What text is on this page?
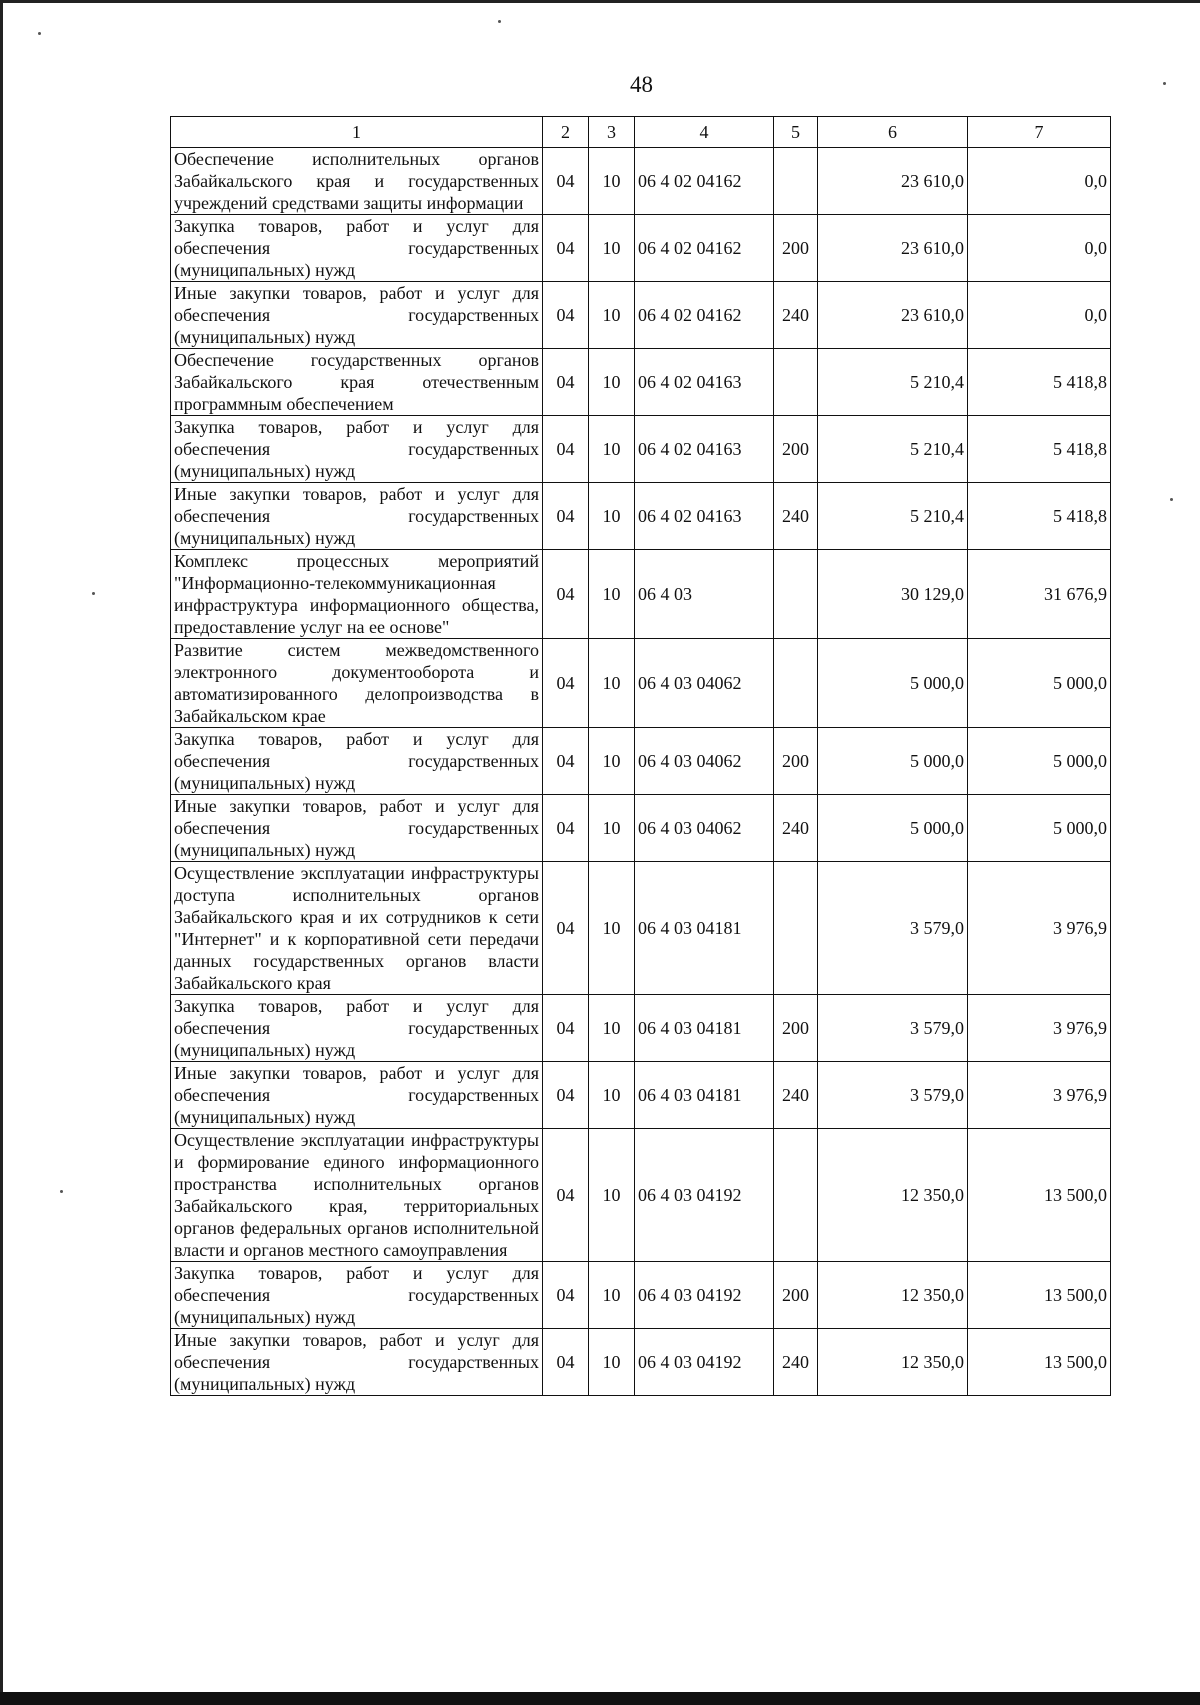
48
1	2	3	4	5	6	7
Обеспечение исполнительных органов Забайкальского края и государственных учреждений средствами защиты информации	04	10	06 4 02 04162		23 610,0	0,0
Закупка товаров, работ и услуг для обеспечения государственных (муниципальных) нужд	04	10	06 4 02 04162	200	23 610,0	0,0
Иные закупки товаров, работ и услуг для обеспечения государственных (муниципальных) нужд	04	10	06 4 02 04162	240	23 610,0	0,0
Обеспечение государственных органов Забайкальского края отечественным программным обеспечением	04	10	06 4 02 04163		5 210,4	5 418,8
Закупка товаров, работ и услуг для обеспечения государственных (муниципальных) нужд	04	10	06 4 02 04163	200	5 210,4	5 418,8
Иные закупки товаров, работ и услуг для обеспечения государственных (муниципальных) нужд	04	10	06 4 02 04163	240	5 210,4	5 418,8
Комплекс процессных мероприятий "Информационно-телекоммуникационная инфраструктура информационного общества, предоставление услуг на ее основе"	04	10	06 4 03		30 129,0	31 676,9
Развитие систем межведомственного электронного документооборота и автоматизированного делопроизводства в Забайкальском крае	04	10	06 4 03 04062		5 000,0	5 000,0
Закупка товаров, работ и услуг для обеспечения государственных (муниципальных) нужд	04	10	06 4 03 04062	200	5 000,0	5 000,0
Иные закупки товаров, работ и услуг для обеспечения государственных (муниципальных) нужд	04	10	06 4 03 04062	240	5 000,0	5 000,0
Осуществление эксплуатации инфраструктуры доступа исполнительных органов Забайкальского края и их сотрудников к сети "Интернет" и к корпоративной сети передачи данных государственных органов власти Забайкальского края	04	10	06 4 03 04181		3 579,0	3 976,9
Закупка товаров, работ и услуг для обеспечения государственных (муниципальных) нужд	04	10	06 4 03 04181	200	3 579,0	3 976,9
Иные закупки товаров, работ и услуг для обеспечения государственных (муниципальных) нужд	04	10	06 4 03 04181	240	3 579,0	3 976,9
Осуществление эксплуатации инфраструктуры и формирование единого информационного пространства исполнительных органов Забайкальского края, территориальных органов федеральных органов исполнительной власти и органов местного самоуправления	04	10	06 4 03 04192		12 350,0	13 500,0
Закупка товаров, работ и услуг для обеспечения государственных (муниципальных) нужд	04	10	06 4 03 04192	200	12 350,0	13 500,0
Иные закупки товаров, работ и услуг для обеспечения государственных (муниципальных) нужд	04	10	06 4 03 04192	240	12 350,0	13 500,0
